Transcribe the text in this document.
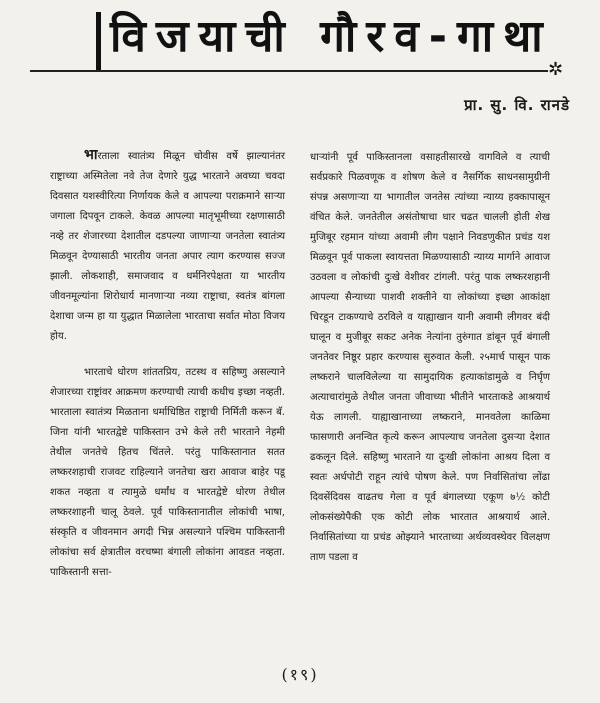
विजयाची गौरव-गाथा
✲
प्रा. सु. वि. रानडे

भारताला स्वातंत्र्य मिळून चोवीस वर्षे झाल्यानंतर राष्ट्राच्या अस्मितेला नवे तेज देणारे युद्ध भारताने अवघ्या चवदा दिवसात यशस्वीरित्या निर्णायक केले व आपल्या पराक्रमाने साऱ्या जगाला दिपवून टाकले. केवळ आपल्या मातृभूमीच्या रक्षणासाठी नव्हे तर शेजारच्या देशातील दडपल्या जाणाऱ्या जनतेला स्वातंत्र्य मिळवून देण्यासाठी भारतीय जनता अपार त्याग करण्यास सज्ज झाली. लोकशाही, समाजवाद व धर्मनिरपेक्षता या भारतीय जीवनमूल्यांना शिरोधार्य मानणाऱ्या नव्या राष्ट्राचा, स्वतंत्र बांगला देशाचा जन्म हा या युद्धात मिळालेला भारताचा सर्वात मोठा विजय होय.

भारताचे धोरण शांततप्रिय, तटस्थ व सहिष्णु असल्याने शेजारच्या राष्ट्रांवर आक्रमण करण्याची त्याची कधीच इच्छा नव्हती. भारताला स्वातंत्र्य मिळताना धर्माधिष्ठित राष्ट्राची निर्मिती करून बॅ. जिना यांनी भारतद्वेष्टे पाकिस्तान उभे केले तरी भारताने नेहमी तेथील जनतेचे हितच चिंतले. परंतु पाकिस्तानात सतत लष्करशहाची राजवट राहिल्याने जनतेचा खरा आवाज बाहेर पडू शकत नव्हता व त्यामुळे धर्मांध व भारतद्वेष्टे धोरण तेथील लष्करशाहनी चालू ठेवले. पूर्व पाकिस्तानातील लोकांची भाषा, संस्कृति व जीवनमान अगदी भिन्न असल्याने पश्चिम पाकिस्तानी लोकांचा सर्व क्षेत्रातील वरचष्मा बंगाली लोकांना आवडत नव्हता. पाकिस्तानी सत्ता-

धाऱ्यांनी पूर्व पाकिस्तानला वसाहतीसारखे वागविले व त्याची सर्वप्रकारे पिळवणूक व शोषण केले व नैसर्गिक साधनसामुग्रीनी संपन्न असणाऱ्या या भागातील जनतेस त्यांच्या न्याय्य हक्कापासून वंचित केले. जनतेतील असंतोषाचा धार चढत चालली होती शेख मुजिबूर रहमान यांच्या अवामी लीग पक्षाने निवडणुकीत प्रचंड यश मिळवून पूर्व पाकला स्वायत्तता मिळण्यासाठी न्याय्य मार्गाने आवाज उठवला व लोकांची दुःखे वेशीवर टांगली. परंतु पाक लष्करशहानी आपल्या सैन्याच्या पाशवी शक्तीने या लोकांच्या इच्छा आकांक्षा चिरडून टाकण्याचे ठरविले व याह्याखान यानी अवामी लीगवर बंदी घालून व मुजीबूर सकट अनेक नेत्यांना तुरुंगात डांबून पूर्व बंगाली जनतेवर निष्ठूर प्रहार करण्यास सुरुवात केली. २५मार्च पासून पाक लष्कराने चालविलेल्या या सामुदायिक हत्याकांडामुळे व निर्घृण अत्याचारांमुळे तेथील जनता जीवाच्या भीतीने भारताकडे आश्रयार्थ येऊ लागली. याह्याखानाच्या लष्कराने, मानवतेला काळिमा फासणारी अनन्वित कृत्ये करून आपल्याच जनतेला दुसऱ्या देशात ढकलून दिले. सहिष्णु भारताने या दुःखी लोकांना आश्रय दिला व स्वतः अर्धपोटी राहून त्यांचे पोषण केले. पण निर्वासितांचा लोंढा दिवसेंदिवस वाढतच गेला व पूर्व बंगालच्या एकूण ७½ कोटी लोकसंख्येपैकी एक कोटी लोक भारतात आश्रयार्थ आले. निर्वासितांच्या या प्रचंड ओझ्याने भारताच्या अर्थव्यवस्थेवर विलक्षण ताण पडला व

(१९)
